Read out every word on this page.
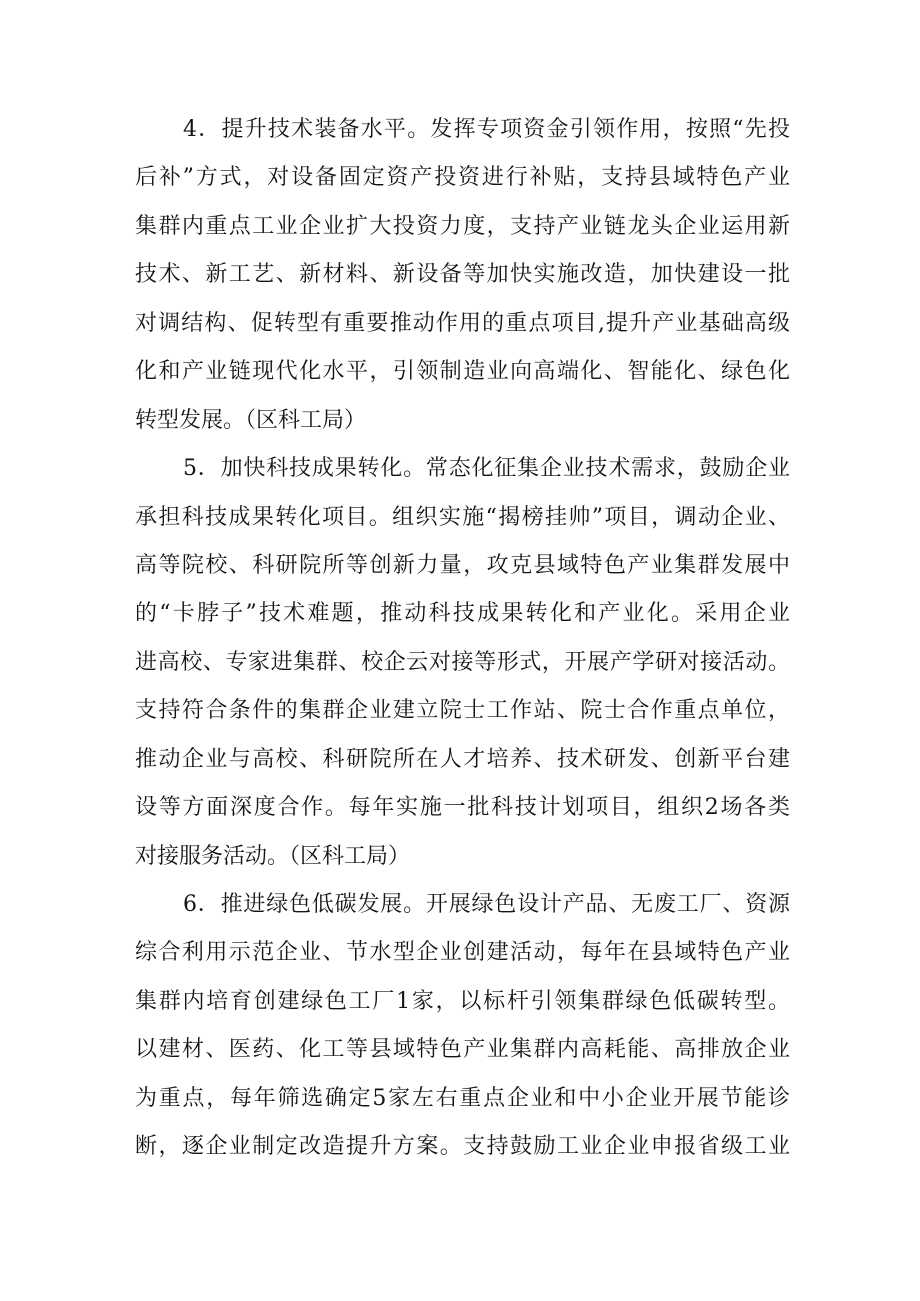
4．提升技术装备水平。发挥专项资金引领作用，按照“先投
后补”方式，对设备固定资产投资进行补贴，支持县域特色产业
集群内重点工业企业扩大投资力度，支持产业链龙头企业运用新
技术、新工艺、新材料、新设备等加快实施改造，加快建设一批
对调结构、促转型有重要推动作用的重点项目,提升产业基础高级
化和产业链现代化水平，引领制造业向高端化、智能化、绿色化
转型发展。（区科工局）
5．加快科技成果转化。常态化征集企业技术需求，鼓励企业
承担科技成果转化项目。组织实施“揭榜挂帅”项目，调动企业、
高等院校、科研院所等创新力量，攻克县域特色产业集群发展中
的“卡脖子”技术难题，推动科技成果转化和产业化。采用企业
进高校、专家进集群、校企云对接等形式，开展产学研对接活动。
支持符合条件的集群企业建立院士工作站、院士合作重点单位，
推动企业与高校、科研院所在人才培养、技术研发、创新平台建
设等方面深度合作。每年实施一批科技计划项目，组织2场各类
对接服务活动。（区科工局）
6．推进绿色低碳发展。开展绿色设计产品、无废工厂、资源
综合利用示范企业、节水型企业创建活动，每年在县域特色产业
集群内培育创建绿色工厂1家，以标杆引领集群绿色低碳转型。
以建材、医药、化工等县域特色产业集群内高耗能、高排放企业
为重点，每年筛选确定5家左右重点企业和中小企业开展节能诊
断，逐企业制定改造提升方案。支持鼓励工业企业申报省级工业
